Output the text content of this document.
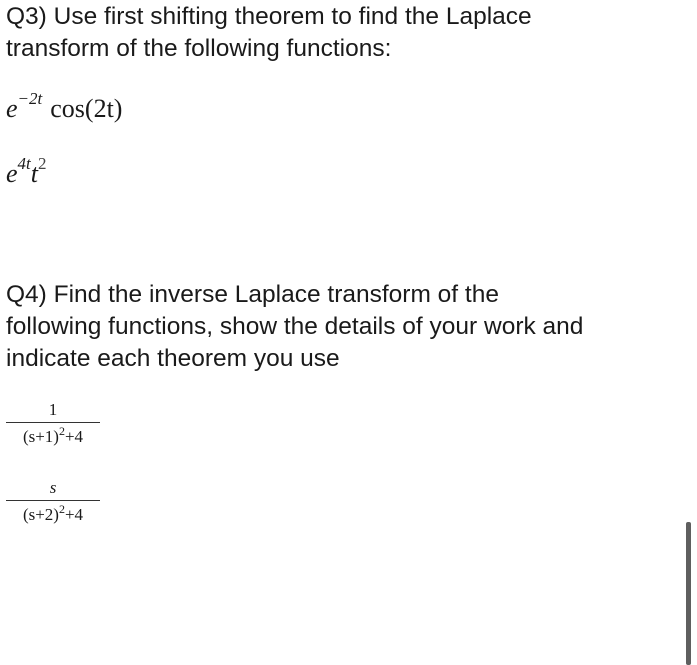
Q3) Use first shifting theorem to find the Laplace
transform of the following functions:
$e^{-2t}$ cos(2t)
$e^{4t}t^2$
Q4) Find the inverse Laplace transform of the
following functions, show the details of your work and
indicate each theorem you use
1
$(s+1)^2+4$
s
$(s+2)^2+4$
